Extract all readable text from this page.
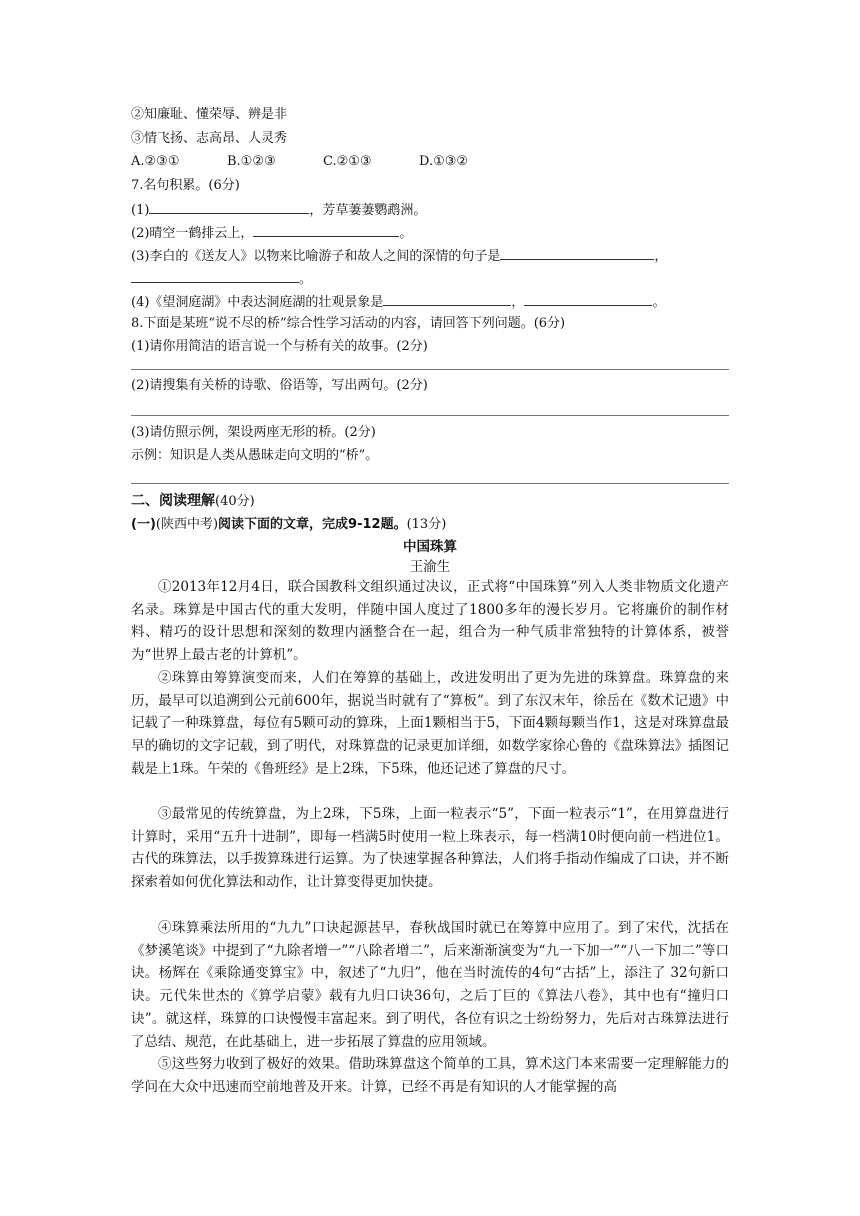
②知廉耻、懂荣辱、辨是非
③情飞扬、志高昂、人灵秀
A.②③①	B.①②③	C.②①③	D.①③②
7.名句积累。(6分)
(1)	，芳草萋萋鹦鹉洲。
(2)晴空一鹤排云上，	。
(3)李白的《送友人》以物来比喻游子和故人之间的深情的句子是	，
。
(4)《望洞庭湖》中表达洞庭湖的壮观景象是	，	。
8.下面是某班“说不尽的桥”综合性学习活动的内容，请回答下列问题。(6分)
(1)请你用简洁的语言说一个与桥有关的故事。(2分)
(2)请搜集有关桥的诗歌、俗语等，写出两句。(2分)
(3)请仿照示例，架设两座无形的桥。(2分)
示例：知识是人类从愚昧走向文明的“桥”。
二、阅读理解(40分)
(一)(陕西中考)阅读下面的文章，完成9-12题。(13分)
中国珠算
王渝生

①2013年12月4日，联合国教科文组织通过决议，正式将“中国珠算”列入人类非物质文化遗产名录。珠算是中国古代的重大发明，伴随中国人度过了1800多年的漫长岁月。它将廉价的制作材料、精巧的设计思想和深刻的数理内涵整合在一起，组合为一种气质非常独特的计算体系，被誉为“世界上最古老的计算机”。

②珠算由筹算演变而来，人们在筹算的基础上，改进发明出了更为先进的珠算盘。珠算盘的来历，最早可以追溯到公元前600年，据说当时就有了“算板”。到了东汉末年，徐岳在《数术记遗》中记载了一种珠算盘，每位有5颗可动的算珠，上面1颗相当于5，下面4颗每颗当作1，这是对珠算盘最早的确切的文字记载，到了明代，对珠算盘的记录更加详细，如数学家徐心鲁的《盘珠算法》插图记载是上1珠。午荣的《鲁班经》是上2珠，下5珠，他还记述了算盘的尺寸。

③最常见的传统算盘，为上2珠，下5珠，上面一粒表示“5”，下面一粒表示“1”，在用算盘进行计算时，采用“五升十进制”，即每一档满5时使用一粒上珠表示，每一档满10时便向前一档进位1。古代的珠算法，以手拨算珠进行运算。为了快速掌握各种算法，人们将手指动作编成了口诀，并不断探索着如何优化算法和动作，让计算变得更加快捷。

④珠算乘法所用的“九九”口诀起源甚早，春秋战国时就已在筹算中应用了。到了宋代，沈括在《梦溪笔谈》中提到了“九除者增一”“八除者增二”，后来渐渐演变为“九一下加一”“八一下加二”等口诀。杨辉在《乘除通变算宝》中，叙述了“九归”，他在当时流传的4句“古括”上，添注了 32句新口诀。元代朱世杰的《算学启蒙》载有九归口诀36句，之后丁巨的《算法八卷》，其中也有“撞归口诀”。就这样，珠算的口诀慢慢丰富起来。到了明代，各位有识之士纷纷努力，先后对古珠算法进行了总结、规范，在此基础上，进一步拓展了算盘的应用领域。

⑤这些努力收到了极好的效果。借助珠算盘这个简单的工具，算术这门本来需要一定理解能力的学问在大众中迅速而空前地普及开来。计算，已经不再是有知识的人才能掌握的高
